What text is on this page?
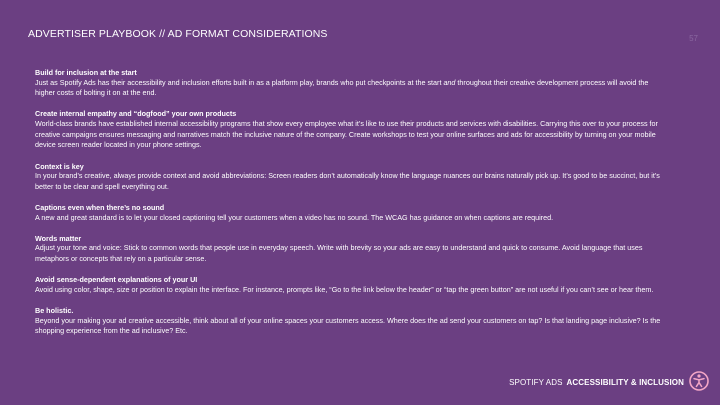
ADVERTISER PLAYBOOK // AD FORMAT CONSIDERATIONS	57
Build for inclusion at the start
Just as Spotify Ads has their accessibility and inclusion efforts built in as a platform play, brands who put checkpoints at the start and throughout their creative development process will avoid the higher costs of bolting it on at the end.
Create internal empathy and “dogfood” your own products
World-class brands have established internal accessibility programs that show every employee what it’s like to use their products and services with disabilities. Carrying this over to your process for creative campaigns ensures messaging and narratives match the inclusive nature of the company. Create workshops to test your online surfaces and ads for accessibility by turning on your mobile device screen reader located in your phone settings.
Context is key
In your brand’s creative, always provide context and avoid abbreviations: Screen readers don’t automatically know the language nuances our brains naturally pick up. It’s good to be succinct, but it’s better to be clear and spell everything out.
Captions even when there’s no sound
A new and great standard is to let your closed captioning tell your customers when a video has no sound. The WCAG has guidance on when captions are required.
Words matter
Adjust your tone and voice: Stick to common words that people use in everyday speech. Write with brevity so your ads are easy to understand and quick to consume. Avoid language that uses metaphors or concepts that rely on a particular sense.
Avoid sense-dependent explanations of your UI
Avoid using color, shape, size or position to explain the interface. For instance, prompts like, “Go to the link below the header” or “tap the green button” are not useful if you can’t see or hear them.
Be holistic.
Beyond your making your ad creative accessible, think about all of your online spaces your customers access. Where does the ad send your customers on tap? Is that landing page inclusive? Is the shopping experience from the ad inclusive? Etc.
SPOTIFY ADS ACCESSIBILITY & INCLUSION
